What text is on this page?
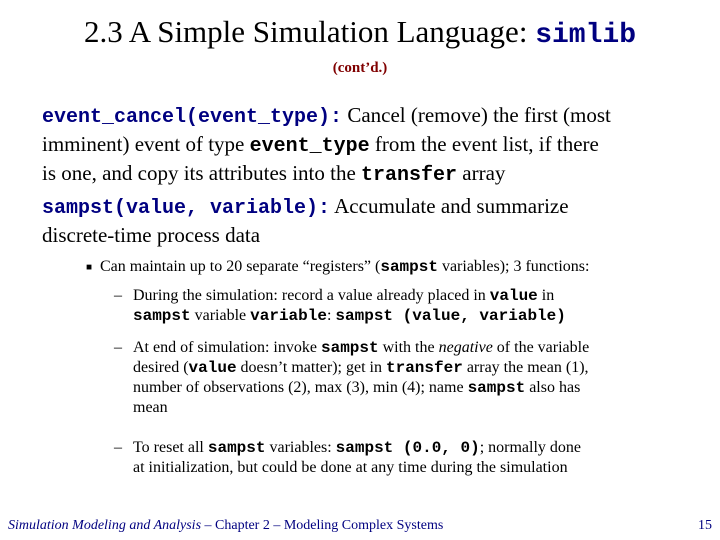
2.3 A Simple Simulation Language: simlib
(cont’d.)
event_cancel(event_type): Cancel (remove) the first (most
imminent) event of type event_type from the event list, if there
is one, and copy its attributes into the transfer array
sampst(value, variable): Accumulate and summarize
discrete-time process data
■ Can maintain up to 20 separate “registers” (sampst variables); 3 functions:
– During the simulation: record a value already placed in value in
sampst variable variable: sampst (value, variable)
– At end of simulation: invoke sampst with the negative of the variable
desired (value doesn’t matter); get in transfer array the mean (1),
number of observations (2), max (3), min (4); name sampst also has
mean
– To reset all sampst variables: sampst (0.0, 0); normally done
at initialization, but could be done at any time during the simulation
Simulation Modeling and Analysis – Chapter 2 – Modeling Complex Systems	15
